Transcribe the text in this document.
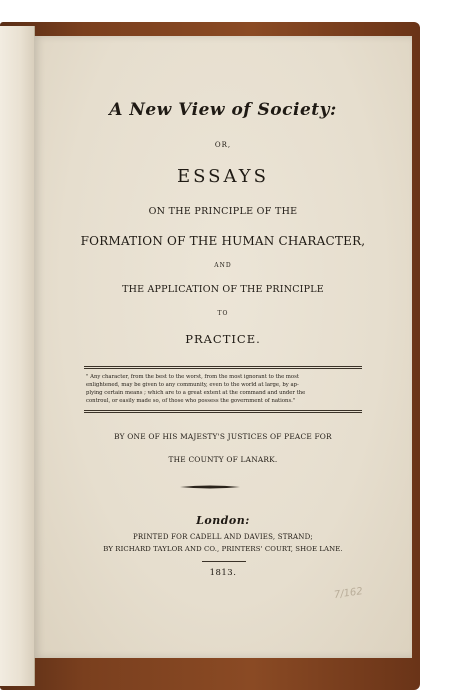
A New View of Society:
OR,
ESSAYS
ON THE PRINCIPLE OF THE
FORMATION OF THE HUMAN CHARACTER,
AND
THE APPLICATION OF THE PRINCIPLE
TO
PRACTICE.
" Any character, from the best to the worst, from the most ignorant to the most
enlightened, may be given to any community, even to the world at large, by ap-
plying certain means ; which are to a great extent at the command and under the
controul, or easily made so, of those who possess the government of nations."
BY ONE OF HIS MAJESTY'S JUSTICES OF PEACE FOR
THE COUNTY OF LANARK.
London:
PRINTED FOR CADELL AND DAVIES, STRAND;
BY RICHARD TAYLOR AND CO., PRINTERS' COURT, SHOE LANE.
1813.
7/162
